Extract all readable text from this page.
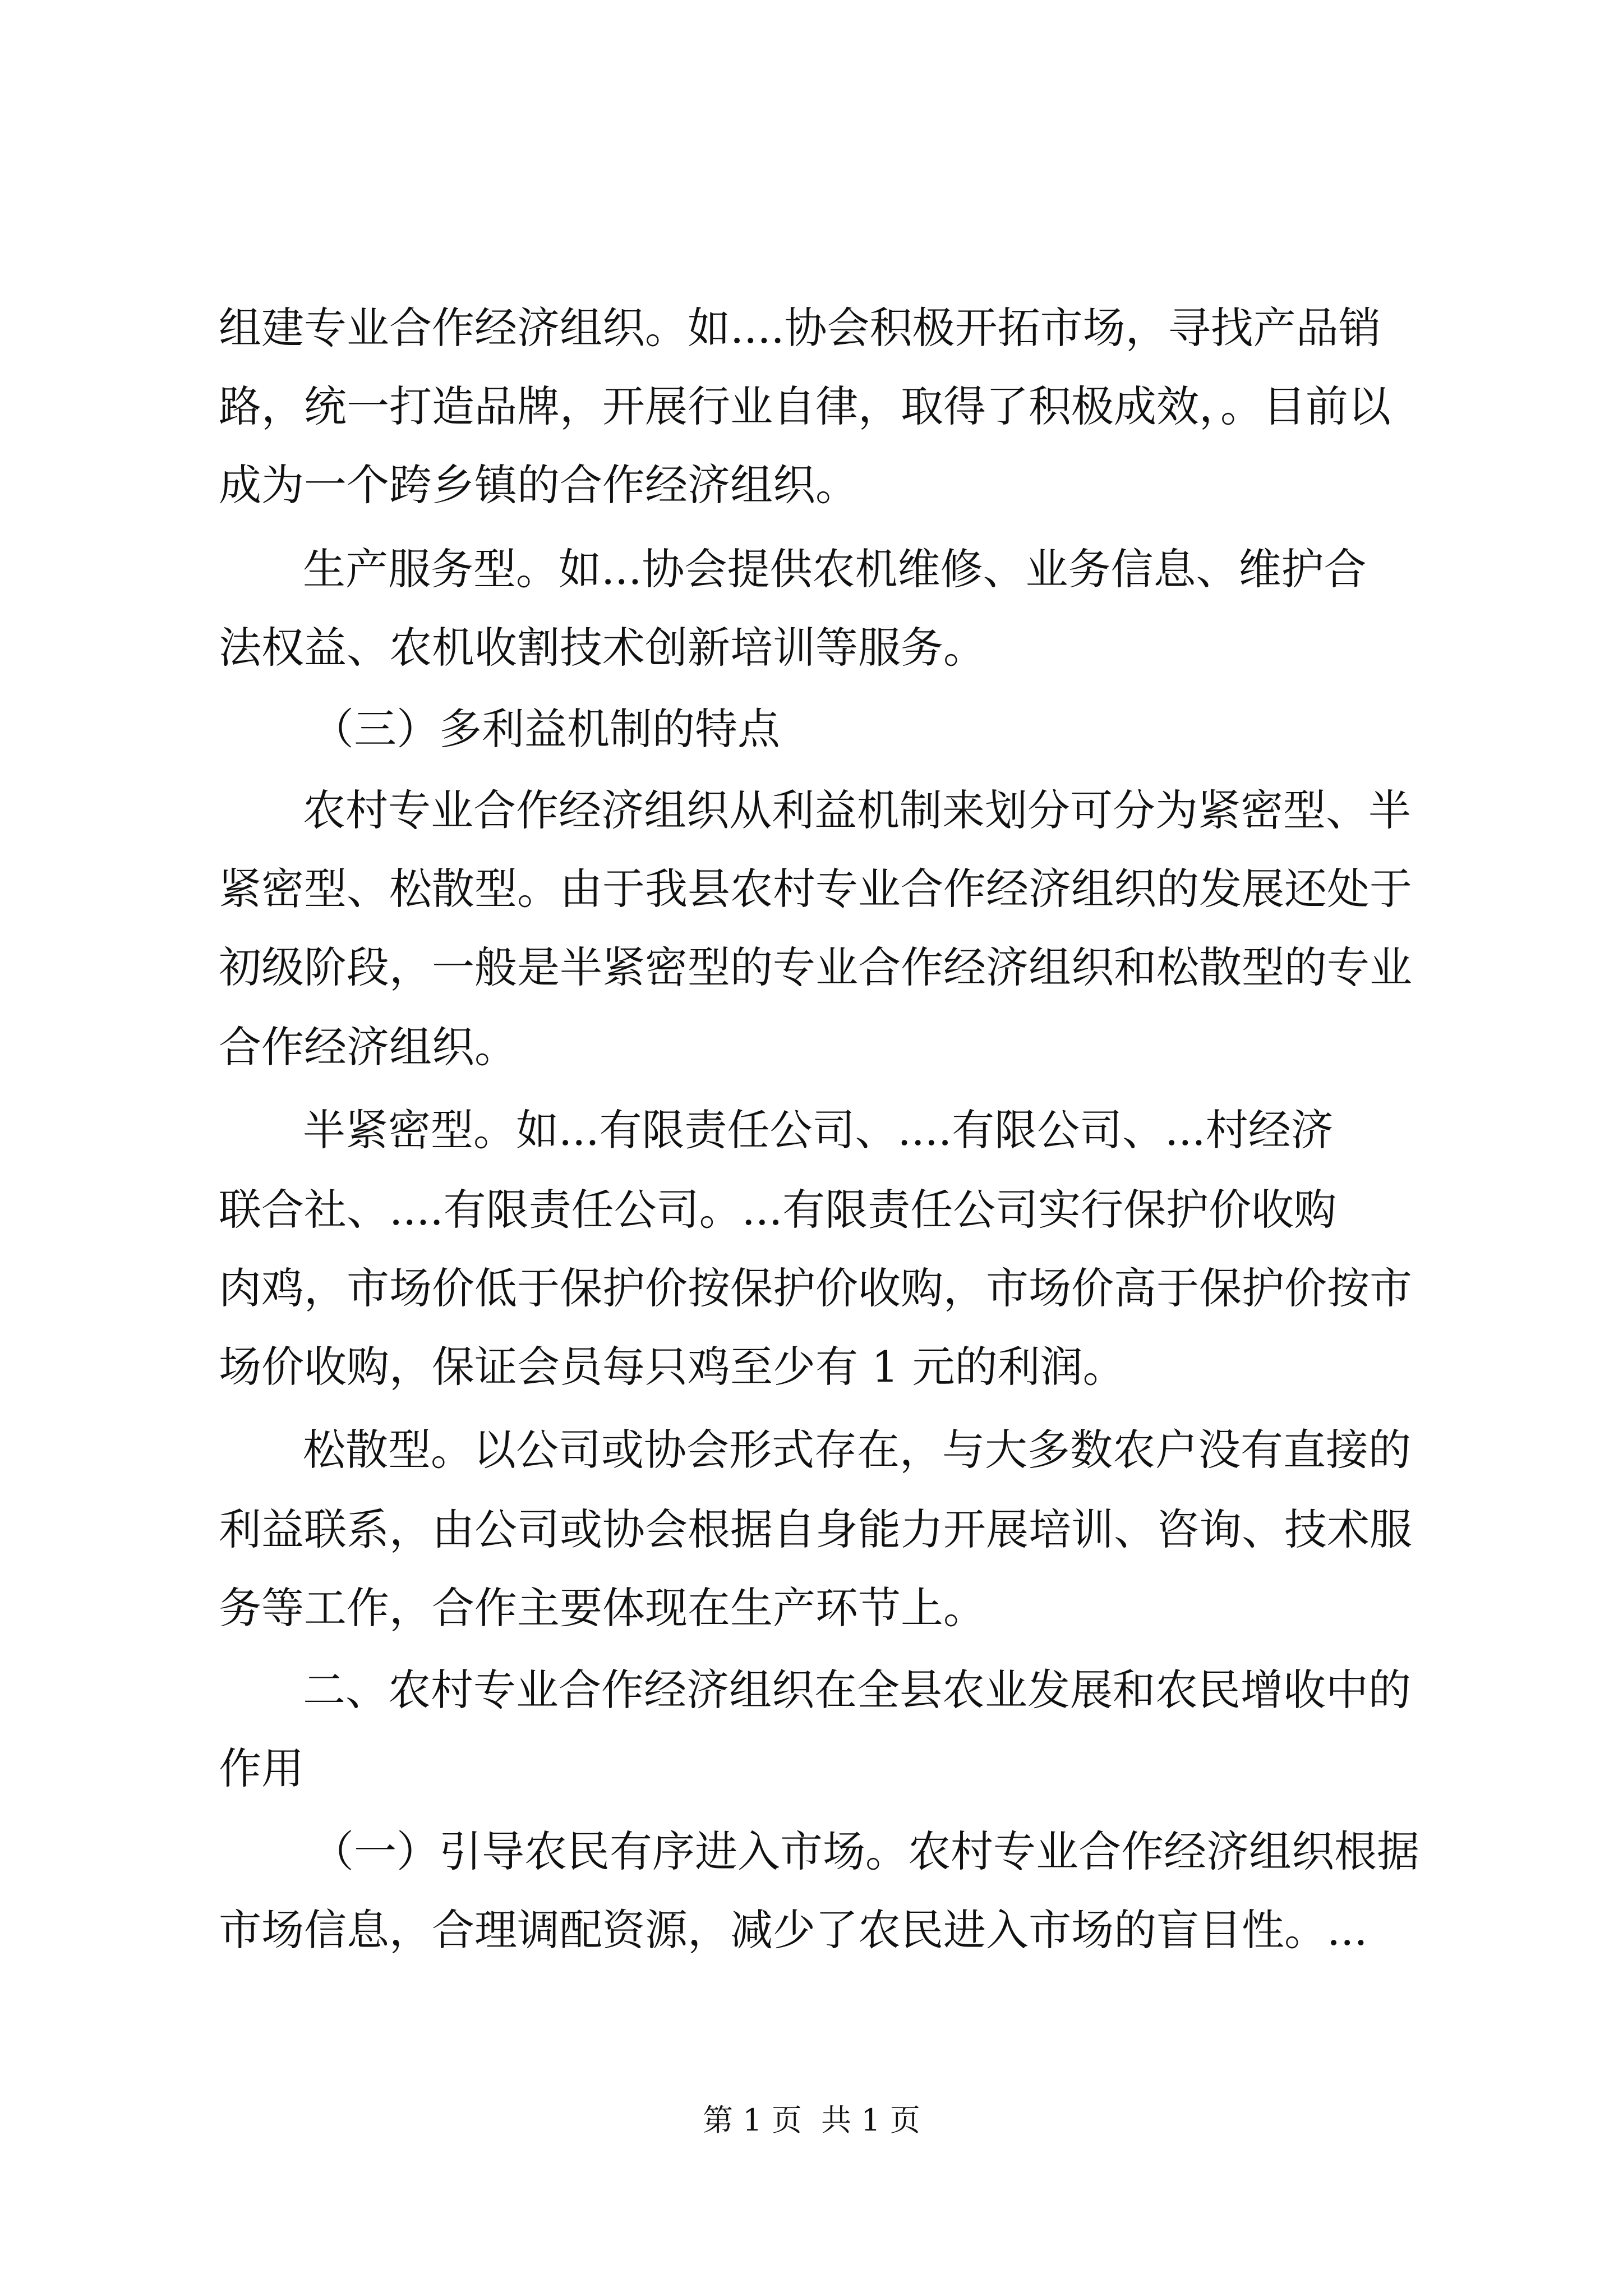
组建专业合作经济组织。如....协会积极开拓市场，寻找产品销
路，统一打造品牌，开展行业自律，取得了积极成效，。目前以
成为一个跨乡镇的合作经济组织。
生产服务型。如...协会提供农机维修、业务信息、维护合
法权益、农机收割技术创新培训等服务。
（三）多利益机制的特点
农村专业合作经济组织从利益机制来划分可分为紧密型、半
紧密型、松散型。由于我县农村专业合作经济组织的发展还处于
初级阶段，一般是半紧密型的专业合作经济组织和松散型的专业
合作经济组织。
半紧密型。如...有限责任公司、....有限公司、...村经济
联合社、....有限责任公司。...有限责任公司实行保护价收购
肉鸡，市场价低于保护价按保护价收购，市场价高于保护价按市
场价收购，保证会员每只鸡至少有 1 元的利润。
松散型。以公司或协会形式存在，与大多数农户没有直接的
利益联系，由公司或协会根据自身能力开展培训、咨询、技术服
务等工作，合作主要体现在生产环节上。
二、农村专业合作经济组织在全县农业发展和农民增收中的
作用
（一）引导农民有序进入市场。农村专业合作经济组织根据
市场信息，合理调配资源，减少了农民进入市场的盲目性。...
第 1 页  共 1 页
